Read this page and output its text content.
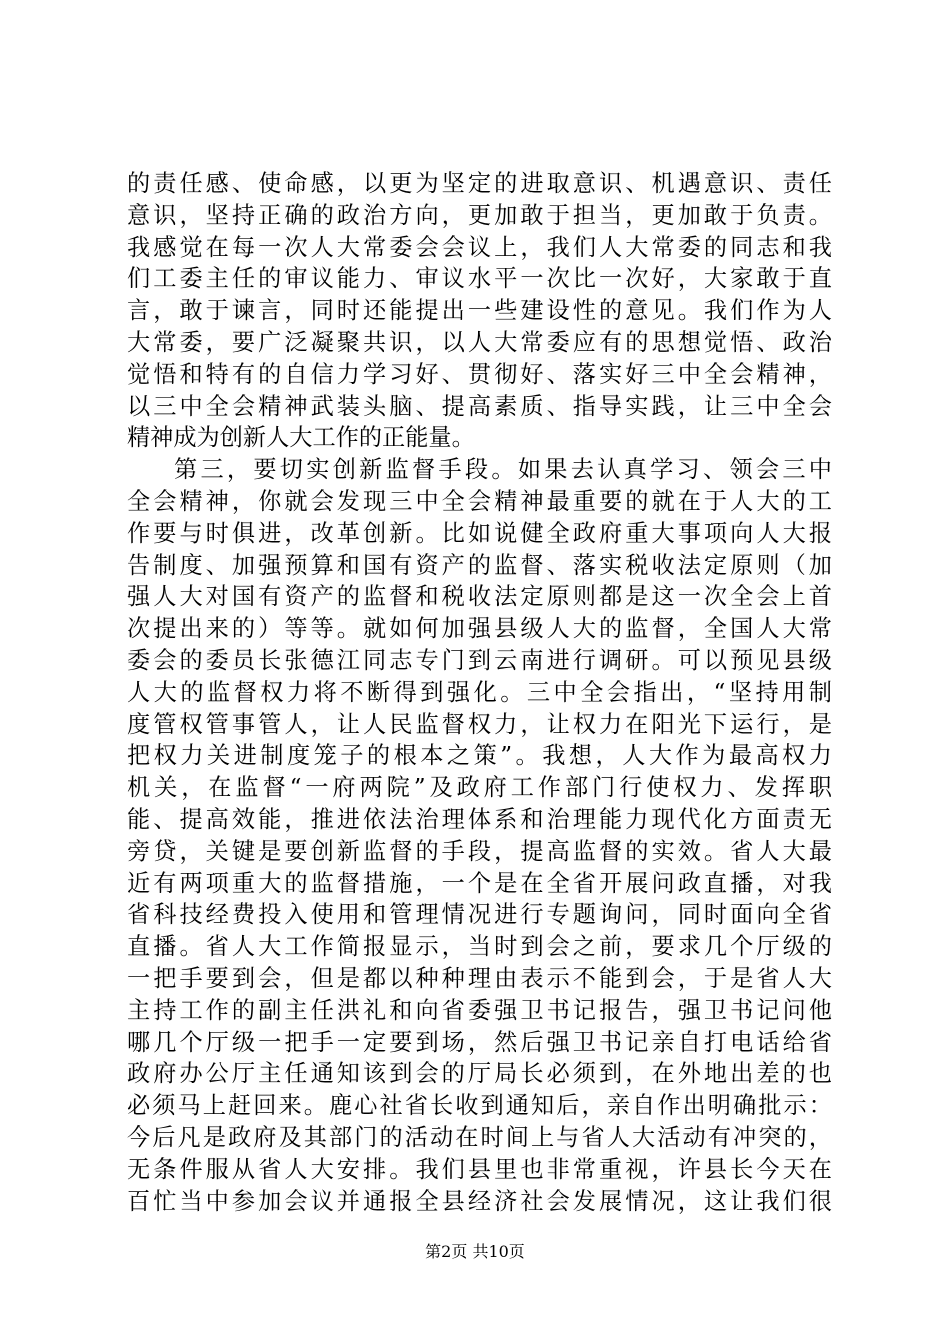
的责任感、使命感，以更为坚定的进取意识、机遇意识、责任
意识，坚持正确的政治方向，更加敢于担当，更加敢于负责。
我感觉在每一次人大常委会会议上，我们人大常委的同志和我
们工委主任的审议能力、审议水平一次比一次好，大家敢于直
言，敢于谏言，同时还能提出一些建设性的意见。我们作为人
大常委，要广泛凝聚共识，以人大常委应有的思想觉悟、政治
觉悟和特有的自信力学习好、贯彻好、落实好三中全会精神，
以三中全会精神武装头脑、提高素质、指导实践，让三中全会
精神成为创新人大工作的正能量。
第三，要切实创新监督手段。如果去认真学习、领会三中
全会精神，你就会发现三中全会精神最重要的就在于人大的工
作要与时俱进，改革创新。比如说健全政府重大事项向人大报
告制度、加强预算和国有资产的监督、落实税收法定原则（加
强人大对国有资产的监督和税收法定原则都是这一次全会上首
次提出来的）等等。就如何加强县级人大的监督，全国人大常
委会的委员长张德江同志专门到云南进行调研。可以预见县级
人大的监督权力将不断得到强化。三中全会指出，“坚持用制
度管权管事管人，让人民监督权力，让权力在阳光下运行，是
把权力关进制度笼子的根本之策”。我想，人大作为最高权力
机关，在监督“一府两院”及政府工作部门行使权力、发挥职
能、提高效能，推进依法治理体系和治理能力现代化方面责无
旁贷，关键是要创新监督的手段，提高监督的实效。省人大最
近有两项重大的监督措施，一个是在全省开展问政直播，对我
省科技经费投入使用和管理情况进行专题询问，同时面向全省
直播。省人大工作简报显示，当时到会之前，要求几个厅级的
一把手要到会，但是都以种种理由表示不能到会，于是省人大
主持工作的副主任洪礼和向省委强卫书记报告，强卫书记问他
哪几个厅级一把手一定要到场，然后强卫书记亲自打电话给省
政府办公厅主任通知该到会的厅局长必须到，在外地出差的也
必须马上赶回来。鹿心社省长收到通知后，亲自作出明确批示：
今后凡是政府及其部门的活动在时间上与省人大活动有冲突的，
无条件服从省人大安排。我们县里也非常重视，许县长今天在
百忙当中参加会议并通报全县经济社会发展情况，这让我们很
第2页 共10页
